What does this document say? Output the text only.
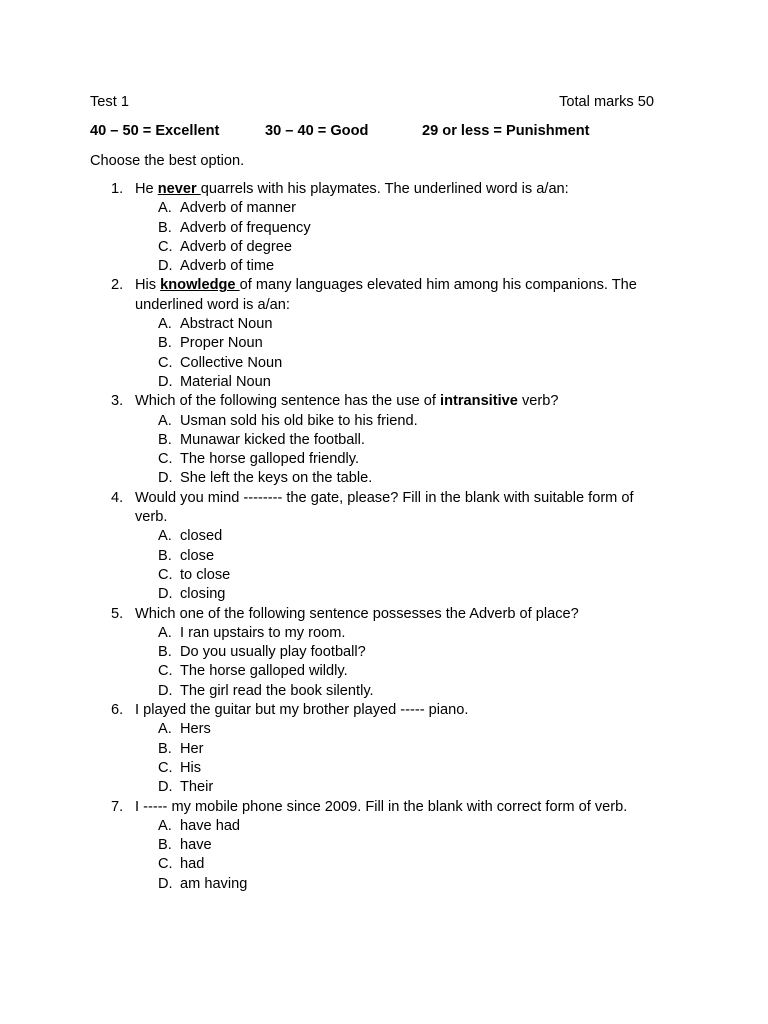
Test 1	Total marks 50
40 – 50 = Excellent	30 – 40 = Good	29 or less = Punishment
Choose the best option.
1. He never quarrels with his playmates. The underlined word is a/an:
A. Adverb of manner
B. Adverb of frequency
C. Adverb of degree
D. Adverb of time
2. His knowledge of many languages elevated him among his companions. The underlined word is a/an:
A. Abstract Noun
B. Proper Noun
C. Collective Noun
D. Material Noun
3. Which of the following sentence has the use of intransitive verb?
A. Usman sold his old bike to his friend.
B. Munawar kicked the football.
C. The horse galloped friendly.
D. She left the keys on the table.
4. Would you mind -------- the gate, please? Fill in the blank with suitable form of verb.
A. closed
B. close
C. to close
D. closing
5. Which one of the following sentence possesses the Adverb of place?
A. I ran upstairs to my room.
B. Do you usually play football?
C. The horse galloped wildly.
D. The girl read the book silently.
6. I played the guitar but my brother played ----- piano.
A. Hers
B. Her
C. His
D. Their
7. I ----- my mobile phone since 2009. Fill in the blank with correct form of verb.
A. have had
B. have
C. had
D. am having
